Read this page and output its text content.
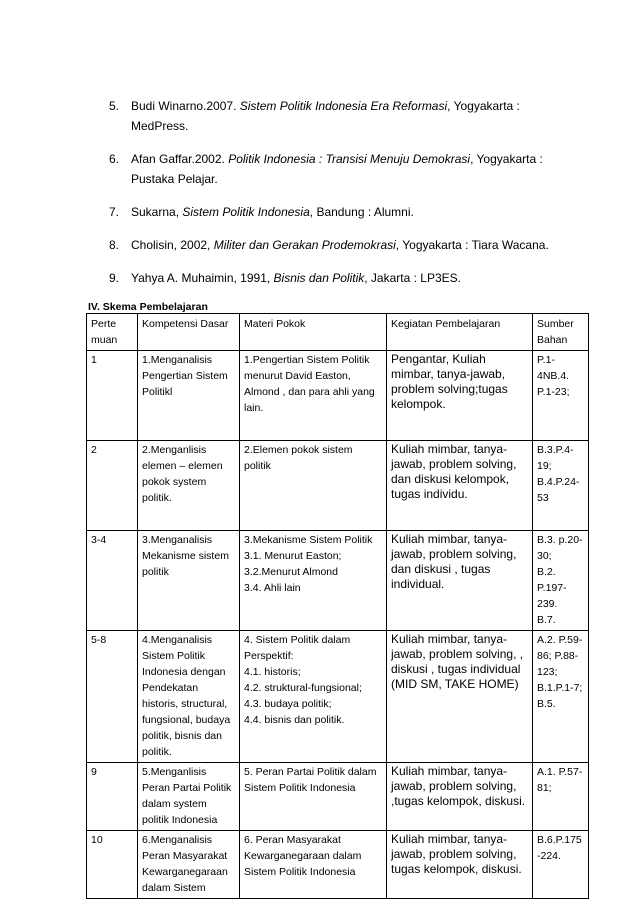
5. Budi Winarno.2007. Sistem Politik Indonesia Era Reformasi, Yogyakarta : MedPress.
6. Afan Gaffar.2002. Politik Indonesia : Transisi Menuju Demokrasi, Yogyakarta : Pustaka Pelajar.
7. Sukarna, Sistem Politik Indonesia, Bandung : Alumni.
8. Cholisin, 2002, Militer dan Gerakan Prodemokrasi, Yogyakarta : Tiara Wacana.
9. Yahya A. Muhaimin, 1991, Bisnis dan Politik, Jakarta : LP3ES.
IV. Skema Pembelajaran
Perte muan	Kompetensi Dasar	Materi Pokok	Kegiatan Pembelajaran	Sumber Bahan
1	1.Menganalisis Pengertian Sistem Politikl	1.Pengertian Sistem Politik menurut David Easton, Almond , dan para ahli yang lain.	Pengantar, Kuliah mimbar, tanya-jawab, problem solving;tugas kelompok.	P.1-4NB.4. P.1-23;
2	2.Menganlisis elemen – elemen pokok system politik.	2.Elemen pokok sistem politik	Kuliah mimbar, tanya-jawab, problem solving, dan diskusi kelompok, tugas individu.	B.3.P.4-19; B.4.P.24-53
3-4	3.Menganalisis Mekanisme sistem politik	3.Mekanisme Sistem Politik
3.1. Menurut Easton;
3.2.Menurut Almond
3.4. Ahli lain	Kuliah mimbar, tanya-jawab, problem solving, dan diskusi , tugas individual.	B.3. p.20-30;
B.2. P.197-239.
B.7.
5-8	4.Menganalisis Sistem Politik Indonesia dengan Pendekatan historis, structural, fungsional, budaya politik, bisnis dan politik.	4. Sistem Politik dalam Perspektif:
4.1. historis;
4.2. struktural-fungsional;
4.3. budaya politik;
4.4. bisnis dan politik.	Kuliah mimbar, tanya-jawab, problem solving, , diskusi , tugas individual (MID SM, TAKE HOME)	A.2. P.59-86; P.88-123;
B.1.P.1-7;
B.5.
9	5.Menganlisis Peran Partai Politik dalam system politik Indonesia	5. Peran Partai Politik dalam Sistem Politik Indonesia	Kuliah mimbar, tanya-jawab, problem solving, ,tugas kelompok, diskusi.	A.1. P.57-81;
10	6.Menganalisis Peran Masyarakat Kewarganegaraan dalam Sistem	6. Peran Masyarakat Kewarganegaraan dalam Sistem Politik Indonesia	Kuliah mimbar, tanya-jawab, problem solving, tugas kelompok, diskusi.	B.6.P.175 -224.
